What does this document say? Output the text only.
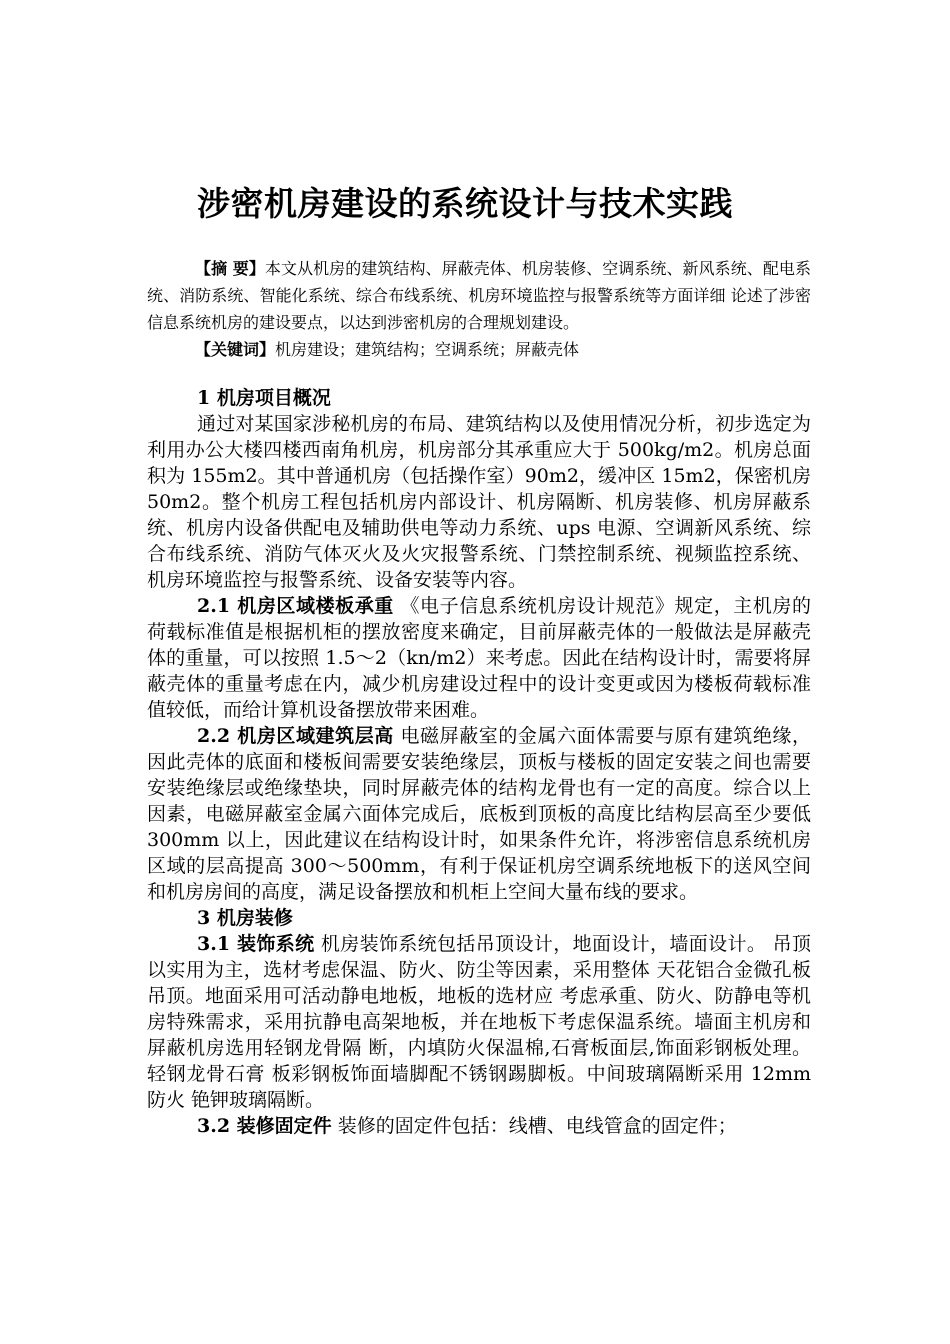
涉密机房建设的系统设计与技术实践

【摘 要】本文从机房的建筑结构、屏蔽壳体、机房装修、空调系统、新风系统、配电系统、消防系统、智能化系统、综合布线系统、机房环境监控与报警系统等方面详细 论述了涉密信息系统机房的建设要点，以达到涉密机房的合理规划建设。

【关键词】机房建设；建筑结构；空调系统；屏蔽壳体

1 机房项目概况

通过对某国家涉秘机房的布局、建筑结构以及使用情况分析，初步选定为利用办公大楼四楼西南角机房，机房部分其承重应大于 500kg/m2。机房总面积为 155m2。其中普通机房（包括操作室）90m2，缓冲区 15m2，保密机房 50m2。整个机房工程包括机房内部设计、机房隔断、机房装修、机房屏蔽系统、机房内设备供配电及辅助供电等动力系统、ups 电源、空调新风系统、综合布线系统、消防气体灭火及火灾报警系统、门禁控制系统、视频监控系统、机房环境监控与报警系统、设备安装等内容。

2.1 机房区域楼板承重 《电子信息系统机房设计规范》规定，主机房的荷载标准值是根据机柜的摆放密度来确定，目前屏蔽壳体的一般做法是屏蔽壳体的重量，可以按照 1.5～2（kn/m2）来考虑。因此在结构设计时，需要将屏蔽壳体的重量考虑在内，减少机房建设过程中的设计变更或因为楼板荷载标准值较低，而给计算机设备摆放带来困难。

2.2 机房区域建筑层高 电磁屏蔽室的金属六面体需要与原有建筑绝缘，因此壳体的底面和楼板间需要安装绝缘层，顶板与楼板的固定安装之间也需要安装绝缘层或绝缘垫块，同时屏蔽壳体的结构龙骨也有一定的高度。综合以上因素，电磁屏蔽室金属六面体完成后，底板到顶板的高度比结构层高至少要低 300mm 以上，因此建议在结构设计时，如果条件允许，将涉密信息系统机房区域的层高提高 300～500mm，有利于保证机房空调系统地板下的送风空间和机房房间的高度，满足设备摆放和机柜上空间大量布线的要求。

3 机房装修

3.1 装饰系统 机房装饰系统包括吊顶设计，地面设计，墙面设计。 吊顶以实用为主，选材考虑保温、防火、防尘等因素，采用整体 天花铝合金微孔板吊顶。地面采用可活动静电地板，地板的选材应 考虑承重、防火、防静电等机房特殊需求，采用抗静电高架地板，并在地板下考虑保温系统。墙面主机房和屏蔽机房选用轻钢龙骨隔 断，内填防火保温棉,石膏板面层,饰面彩钢板处理。轻钢龙骨石膏 板彩钢板饰面墙脚配不锈钢踢脚板。中间玻璃隔断采用 12mm 防火 铯钾玻璃隔断。

3.2 装修固定件 装修的固定件包括：线槽、电线管盒的固定件；
